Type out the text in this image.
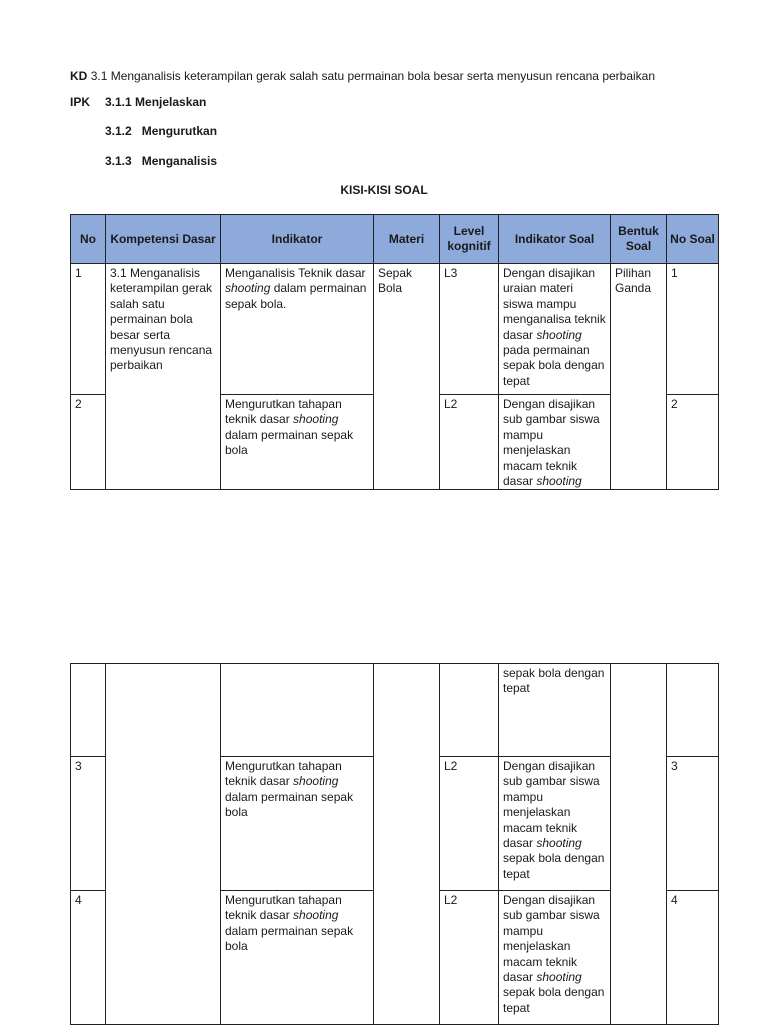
KD 3.1 Menganalisis keterampilan gerak salah satu permainan bola besar serta menyusun rencana perbaikan
IPK 3.1.1 Menjelaskan
3.1.2   Mengurutkan
3.1.3   Menganalisis
KISI-KISI SOAL
No	Kompetensi Dasar	Indikator	Materi	Level kognitif	Indikator Soal	Bentuk Soal	No Soal
1	3.1 Menganalisis keterampilan gerak salah satu permainan bola besar serta menyusun rencana perbaikan	Menganalisis Teknik dasar shooting dalam permainan sepak bola.	Sepak Bola	L3	Dengan disajikan uraian materi siswa mampu menganalisa teknik dasar shooting pada permainan sepak bola dengan tepat	Pilihan Ganda	1
2		Mengurutkan tahapan teknik dasar shooting dalam permainan sepak bola		L2	Dengan disajikan sub gambar siswa mampu menjelaskan macam teknik dasar shooting		2
					sepak bola dengan tepat		
3		Mengurutkan tahapan teknik dasar shooting dalam permainan sepak bola		L2	Dengan disajikan sub gambar siswa mampu menjelaskan macam teknik dasar shooting sepak bola dengan tepat		3
4		Mengurutkan tahapan teknik dasar shooting dalam permainan sepak bola		L2	Dengan disajikan sub gambar siswa mampu menjelaskan macam teknik dasar shooting sepak bola dengan tepat		4
